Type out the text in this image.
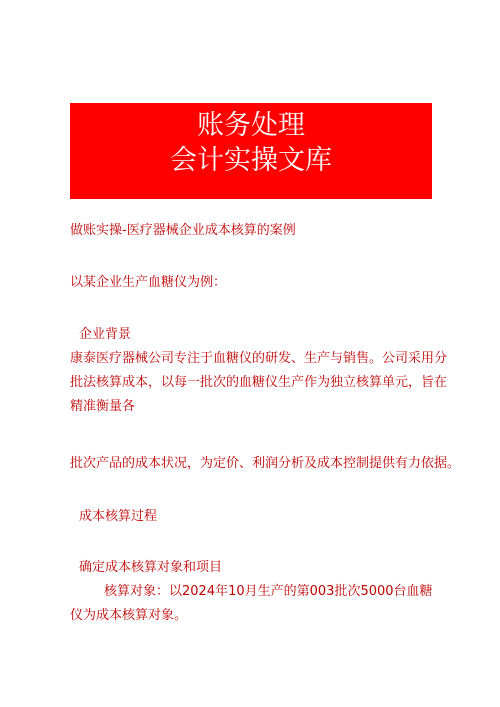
账务处理
会计实操文库
做账实操-医疗器械企业成本核算的案例
以某企业生产血糖仪为例：
企业背景
康泰医疗器械公司专注于血糖仪的研发、生产与销售。公司采用分
批法核算成本，以每一批次的血糖仪生产作为独立核算单元，旨在
精准衡量各
批次产品的成本状况，为定价、利润分析及成本控制提供有力依据。
成本核算过程
确定成本核算对象和项目
核算对象：以2024年10月生产的第003批次5000台血糖
仪为成本核算对象。
